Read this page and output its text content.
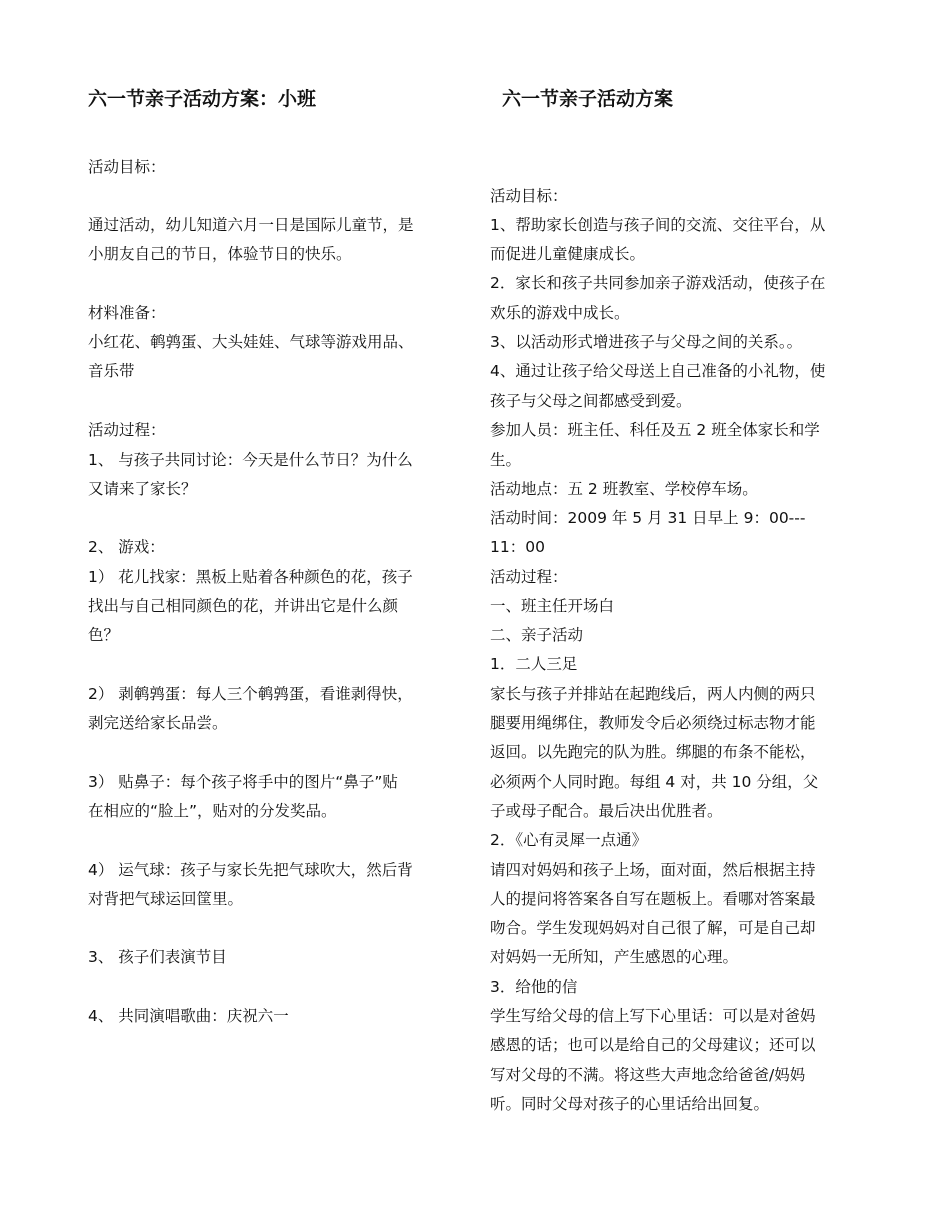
六一节亲子活动方案：小班	六一节亲子活动方案
活动目标：
通过活动，幼儿知道六月一日是国际儿童节，是
小朋友自己的节日，体验节日的快乐。
材料准备：
小红花、鹌鹑蛋、大头娃娃、气球等游戏用品、
音乐带
活动过程：
1、 与孩子共同讨论：今天是什么节日？为什么
又请来了家长？
2、 游戏：
1） 花儿找家：黑板上贴着各种颜色的花，孩子
找出与自己相同颜色的花，并讲出它是什么颜
色？
2） 剥鹌鹑蛋：每人三个鹌鹑蛋，看谁剥得快，
剥完送给家长品尝。
3） 贴鼻子：每个孩子将手中的图片“鼻子”贴
在相应的“脸上”，贴对的分发奖品。
4） 运气球：孩子与家长先把气球吹大，然后背
对背把气球运回筐里。
3、 孩子们表演节目
4、 共同演唱歌曲：庆祝六一
活动目标：
1、帮助家长创造与孩子间的交流、交往平台，从
而促进儿童健康成长。
2．家长和孩子共同参加亲子游戏活动，使孩子在
欢乐的游戏中成长。
3、以活动形式增进孩子与父母之间的关系。。
4、通过让孩子给父母送上自己准备的小礼物，使
孩子与父母之间都感受到爱。
参加人员：班主任、科任及五 2 班全体家长和学
生。
活动地点：五 2 班教室、学校停车场。
活动时间：2009 年 5 月 31 日早上 9：00---
11：00
活动过程：
一、班主任开场白
二、亲子活动
1．二人三足
家长与孩子并排站在起跑线后，两人内侧的两只
腿要用绳绑住，教师发令后必须绕过标志物才能
返回。以先跑完的队为胜。绑腿的布条不能松，
必须两个人同时跑。每组 4 对，共 10 分组，父
子或母子配合。最后决出优胜者。
2．《心有灵犀一点通》
请四对妈妈和孩子上场，面对面，然后根据主持
人的提问将答案各自写在题板上。看哪对答案最
吻合。学生发现妈妈对自己很了解，可是自己却
对妈妈一无所知，产生感恩的心理。
3．给他的信
学生写给父母的信上写下心里话：可以是对爸妈
感恩的话；也可以是给自己的父母建议；还可以
写对父母的不满。将这些大声地念给爸爸/妈妈
听。同时父母对孩子的心里话给出回复。
